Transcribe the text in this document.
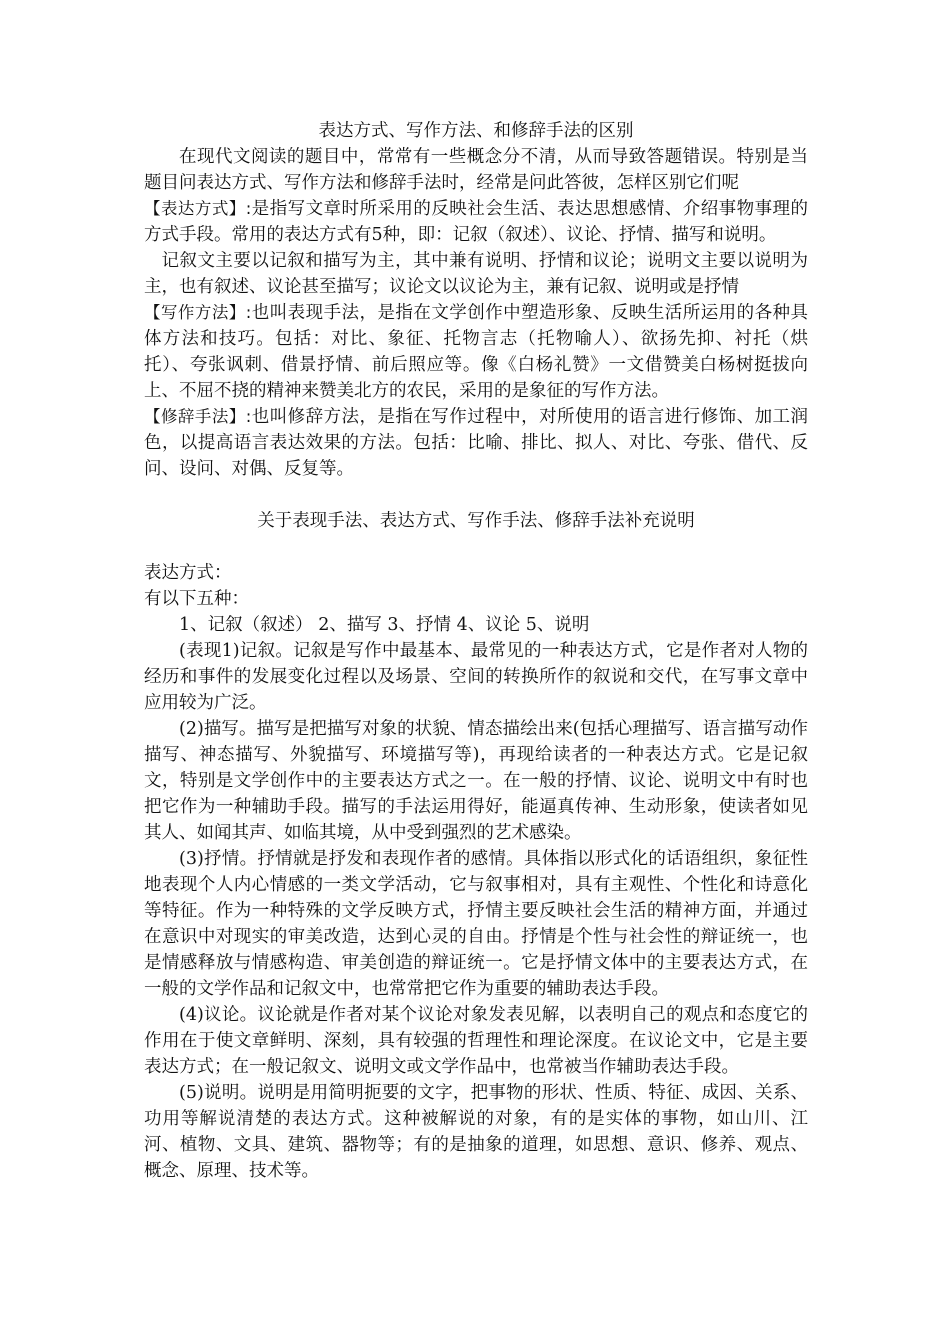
表达方式、写作方法、和修辞手法的区别

在现代文阅读的题目中，常常有一些概念分不清，从而导致答题错误。特别是当题目问表达方式、写作方法和修辞手法时，经常是问此答彼，怎样区别它们呢

【表达方式】:是指写文章时所采用的反映社会生活、表达思想感情、介绍事物事理的方式手段。常用的表达方式有5种，即：记叙（叙述）、议论、抒情、描写和说明。

记叙文主要以记叙和描写为主，其中兼有说明、抒情和议论；说明文主要以说明为主，也有叙述、议论甚至描写；议论文以议论为主，兼有记叙、说明或是抒情

【写作方法】:也叫表现手法，是指在文学创作中塑造形象、反映生活所运用的各种具体方法和技巧。包括：对比、象征、托物言志（托物喻人）、欲扬先抑、衬托（烘托）、夸张讽刺、借景抒情、前后照应等。像《白杨礼赞》一文借赞美白杨树挺拔向上、不屈不挠的精神来赞美北方的农民，采用的是象征的写作方法。

【修辞手法】:也叫修辞方法，是指在写作过程中，对所使用的语言进行修饰、加工润色，以提高语言表达效果的方法。包括：比喻、排比、拟人、对比、夸张、借代、反问、设问、对偶、反复等。

关于表现手法、表达方式、写作手法、修辞手法补充说明

表达方式：

有以下五种：

1、记叙（叙述） 2、描写 3、抒情 4、议论 5、说明

(表现1)记叙。记叙是写作中最基本、最常见的一种表达方式，它是作者对人物的经历和事件的发展变化过程以及场景、空间的转换所作的叙说和交代，在写事文章中应用较为广泛。

(2)描写。描写是把描写对象的状貌、情态描绘出来(包括心理描写、语言描写动作描写、神态描写、外貌描写、环境描写等)，再现给读者的一种表达方式。它是记叙文，特别是文学创作中的主要表达方式之一。在一般的抒情、议论、说明文中有时也把它作为一种辅助手段。描写的手法运用得好，能逼真传神、生动形象，使读者如见其人、如闻其声、如临其境，从中受到强烈的艺术感染。

(3)抒情。抒情就是抒发和表现作者的感情。具体指以形式化的话语组织，象征性地表现个人内心情感的一类文学活动，它与叙事相对，具有主观性、个性化和诗意化等特征。作为一种特殊的文学反映方式，抒情主要反映社会生活的精神方面，并通过在意识中对现实的审美改造，达到心灵的自由。抒情是个性与社会性的辩证统一，也是情感释放与情感构造、审美创造的辩证统一。它是抒情文体中的主要表达方式，在一般的文学作品和记叙文中，也常常把它作为重要的辅助表达手段。

(4)议论。议论就是作者对某个议论对象发表见解，以表明自己的观点和态度它的作用在于使文章鲜明、深刻，具有较强的哲理性和理论深度。在议论文中，它是主要表达方式；在一般记叙文、说明文或文学作品中，也常被当作辅助表达手段。

(5)说明。说明是用简明扼要的文字，把事物的形状、性质、特征、成因、关系、功用等解说清楚的表达方式。这种被解说的对象，有的是实体的事物，如山川、江河、植物、文具、建筑、器物等；有的是抽象的道理，如思想、意识、修养、观点、概念、原理、技术等。
